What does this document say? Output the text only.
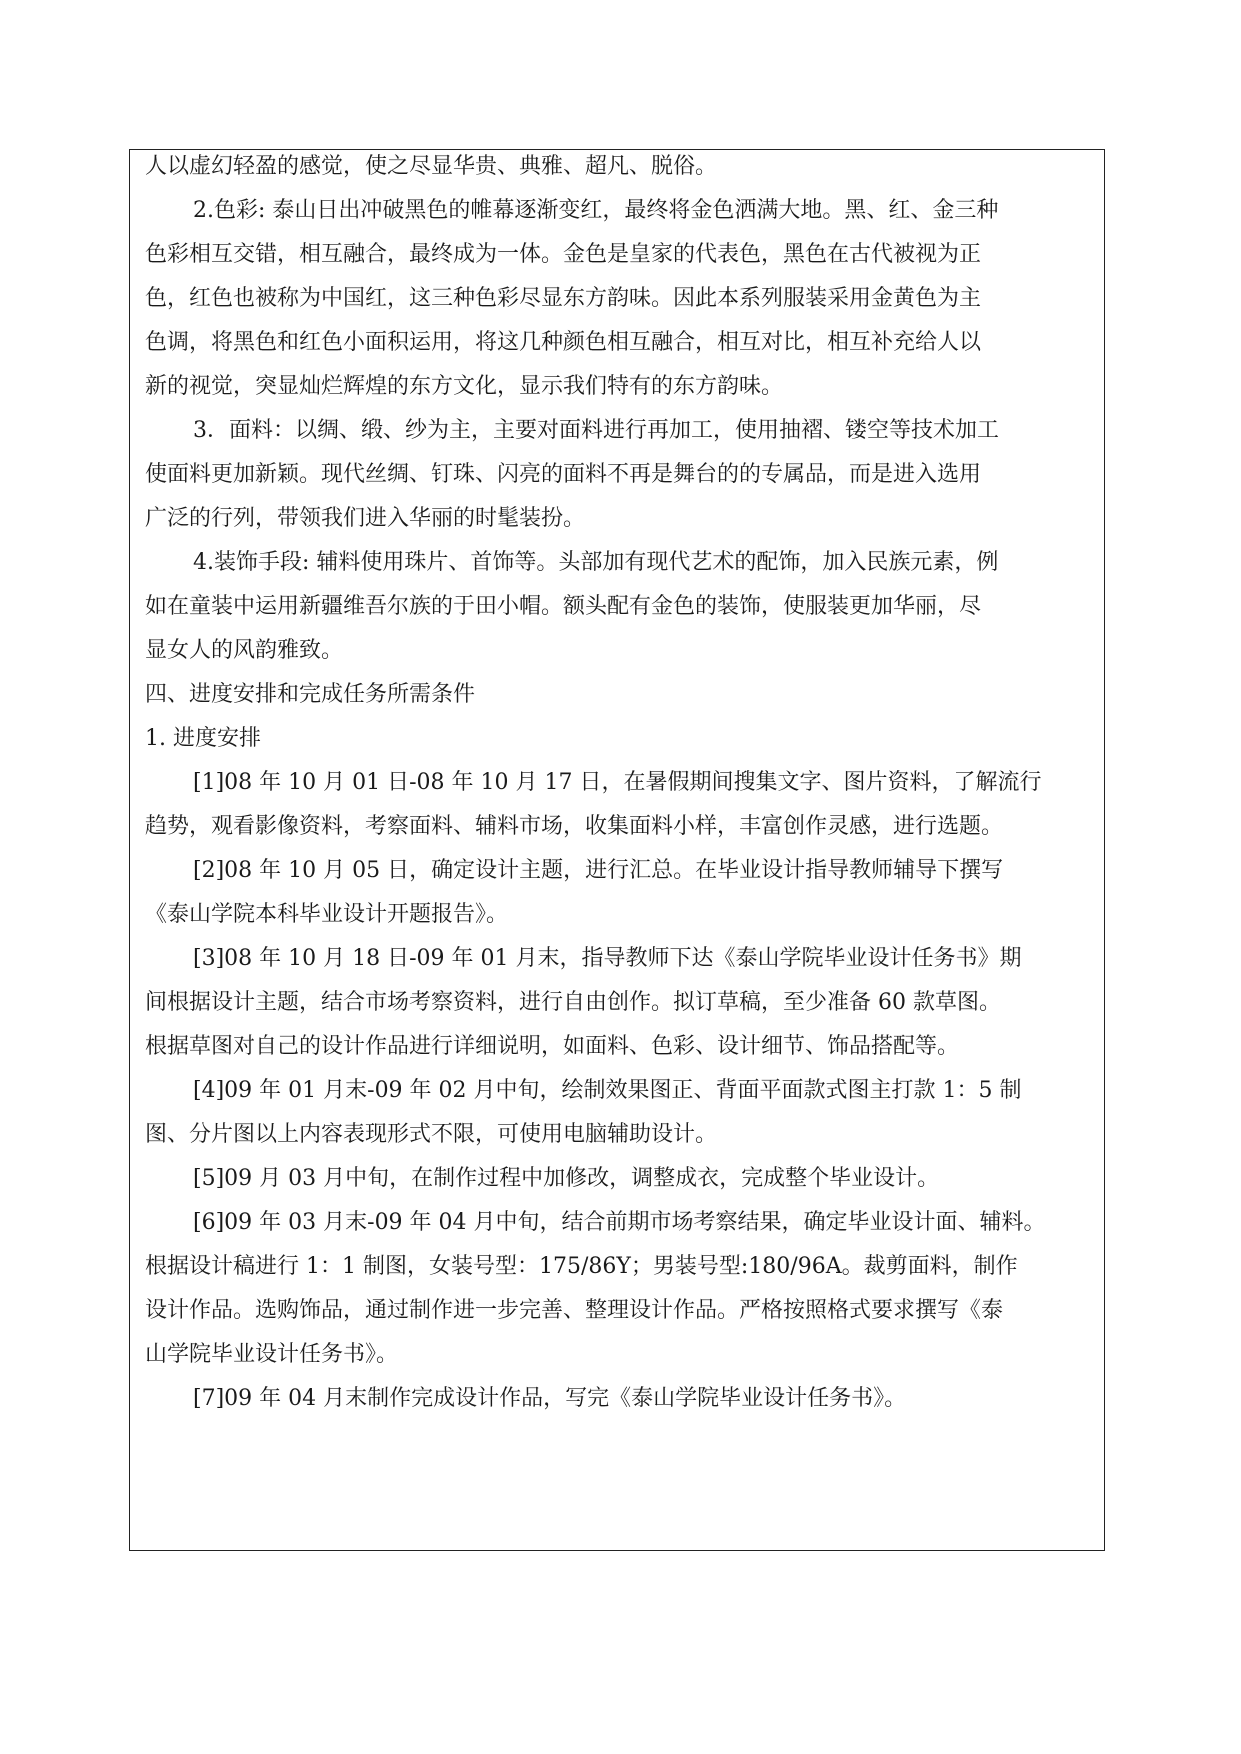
人以虚幻轻盈的感觉，使之尽显华贵、典雅、超凡、脱俗。
2.色彩: 泰山日出冲破黑色的帷幕逐渐变红，最终将金色洒满大地。黑、红、金三种
色彩相互交错，相互融合，最终成为一体。金色是皇家的代表色，黑色在古代被视为正
色，红色也被称为中国红，这三种色彩尽显东方韵味。因此本系列服装采用金黄色为主
色调，将黑色和红色小面积运用，将这几种颜色相互融合，相互对比，相互补充给人以
新的视觉，突显灿烂辉煌的东方文化，显示我们特有的东方韵味。
3．面料：以绸、缎、纱为主，主要对面料进行再加工，使用抽褶、镂空等技术加工
使面料更加新颖。现代丝绸、钉珠、闪亮的面料不再是舞台的的专属品，而是进入选用
广泛的行列，带领我们进入华丽的时髦装扮。
4.装饰手段: 辅料使用珠片、首饰等。头部加有现代艺术的配饰，加入民族元素，例
如在童装中运用新疆维吾尔族的于田小帽。额头配有金色的装饰，使服装更加华丽，尽
显女人的风韵雅致。
四、进度安排和完成任务所需条件
1. 进度安排
[1]08 年 10 月 01 日-08 年 10 月 17 日，在暑假期间搜集文字、图片资料，了解流行
趋势，观看影像资料，考察面料、辅料市场，收集面料小样，丰富创作灵感，进行选题。
[2]08 年 10 月 05 日，确定设计主题，进行汇总。在毕业设计指导教师辅导下撰写
《泰山学院本科毕业设计开题报告》。
[3]08 年 10 月 18 日-09 年 01 月末，指导教师下达《泰山学院毕业设计任务书》期
间根据设计主题，结合市场考察资料，进行自由创作。拟订草稿，至少准备 60 款草图。
根据草图对自己的设计作品进行详细说明，如面料、色彩、设计细节、饰品搭配等。
[4]09 年 01 月末-09 年 02 月中旬，绘制效果图正、背面平面款式图主打款 1：5 制
图、分片图以上内容表现形式不限，可使用电脑辅助设计。
[5]09 月 03 月中旬，在制作过程中加修改，调整成衣，完成整个毕业设计。
[6]09 年 03 月末-09 年 04 月中旬，结合前期市场考察结果，确定毕业设计面、辅料。
根据设计稿进行 1：1 制图，女装号型：175/86Y；男装号型:180/96A。裁剪面料，制作
设计作品。选购饰品，通过制作进一步完善、整理设计作品。严格按照格式要求撰写《泰
山学院毕业设计任务书》。
[7]09 年 04 月末制作完成设计作品，写完《泰山学院毕业设计任务书》。
